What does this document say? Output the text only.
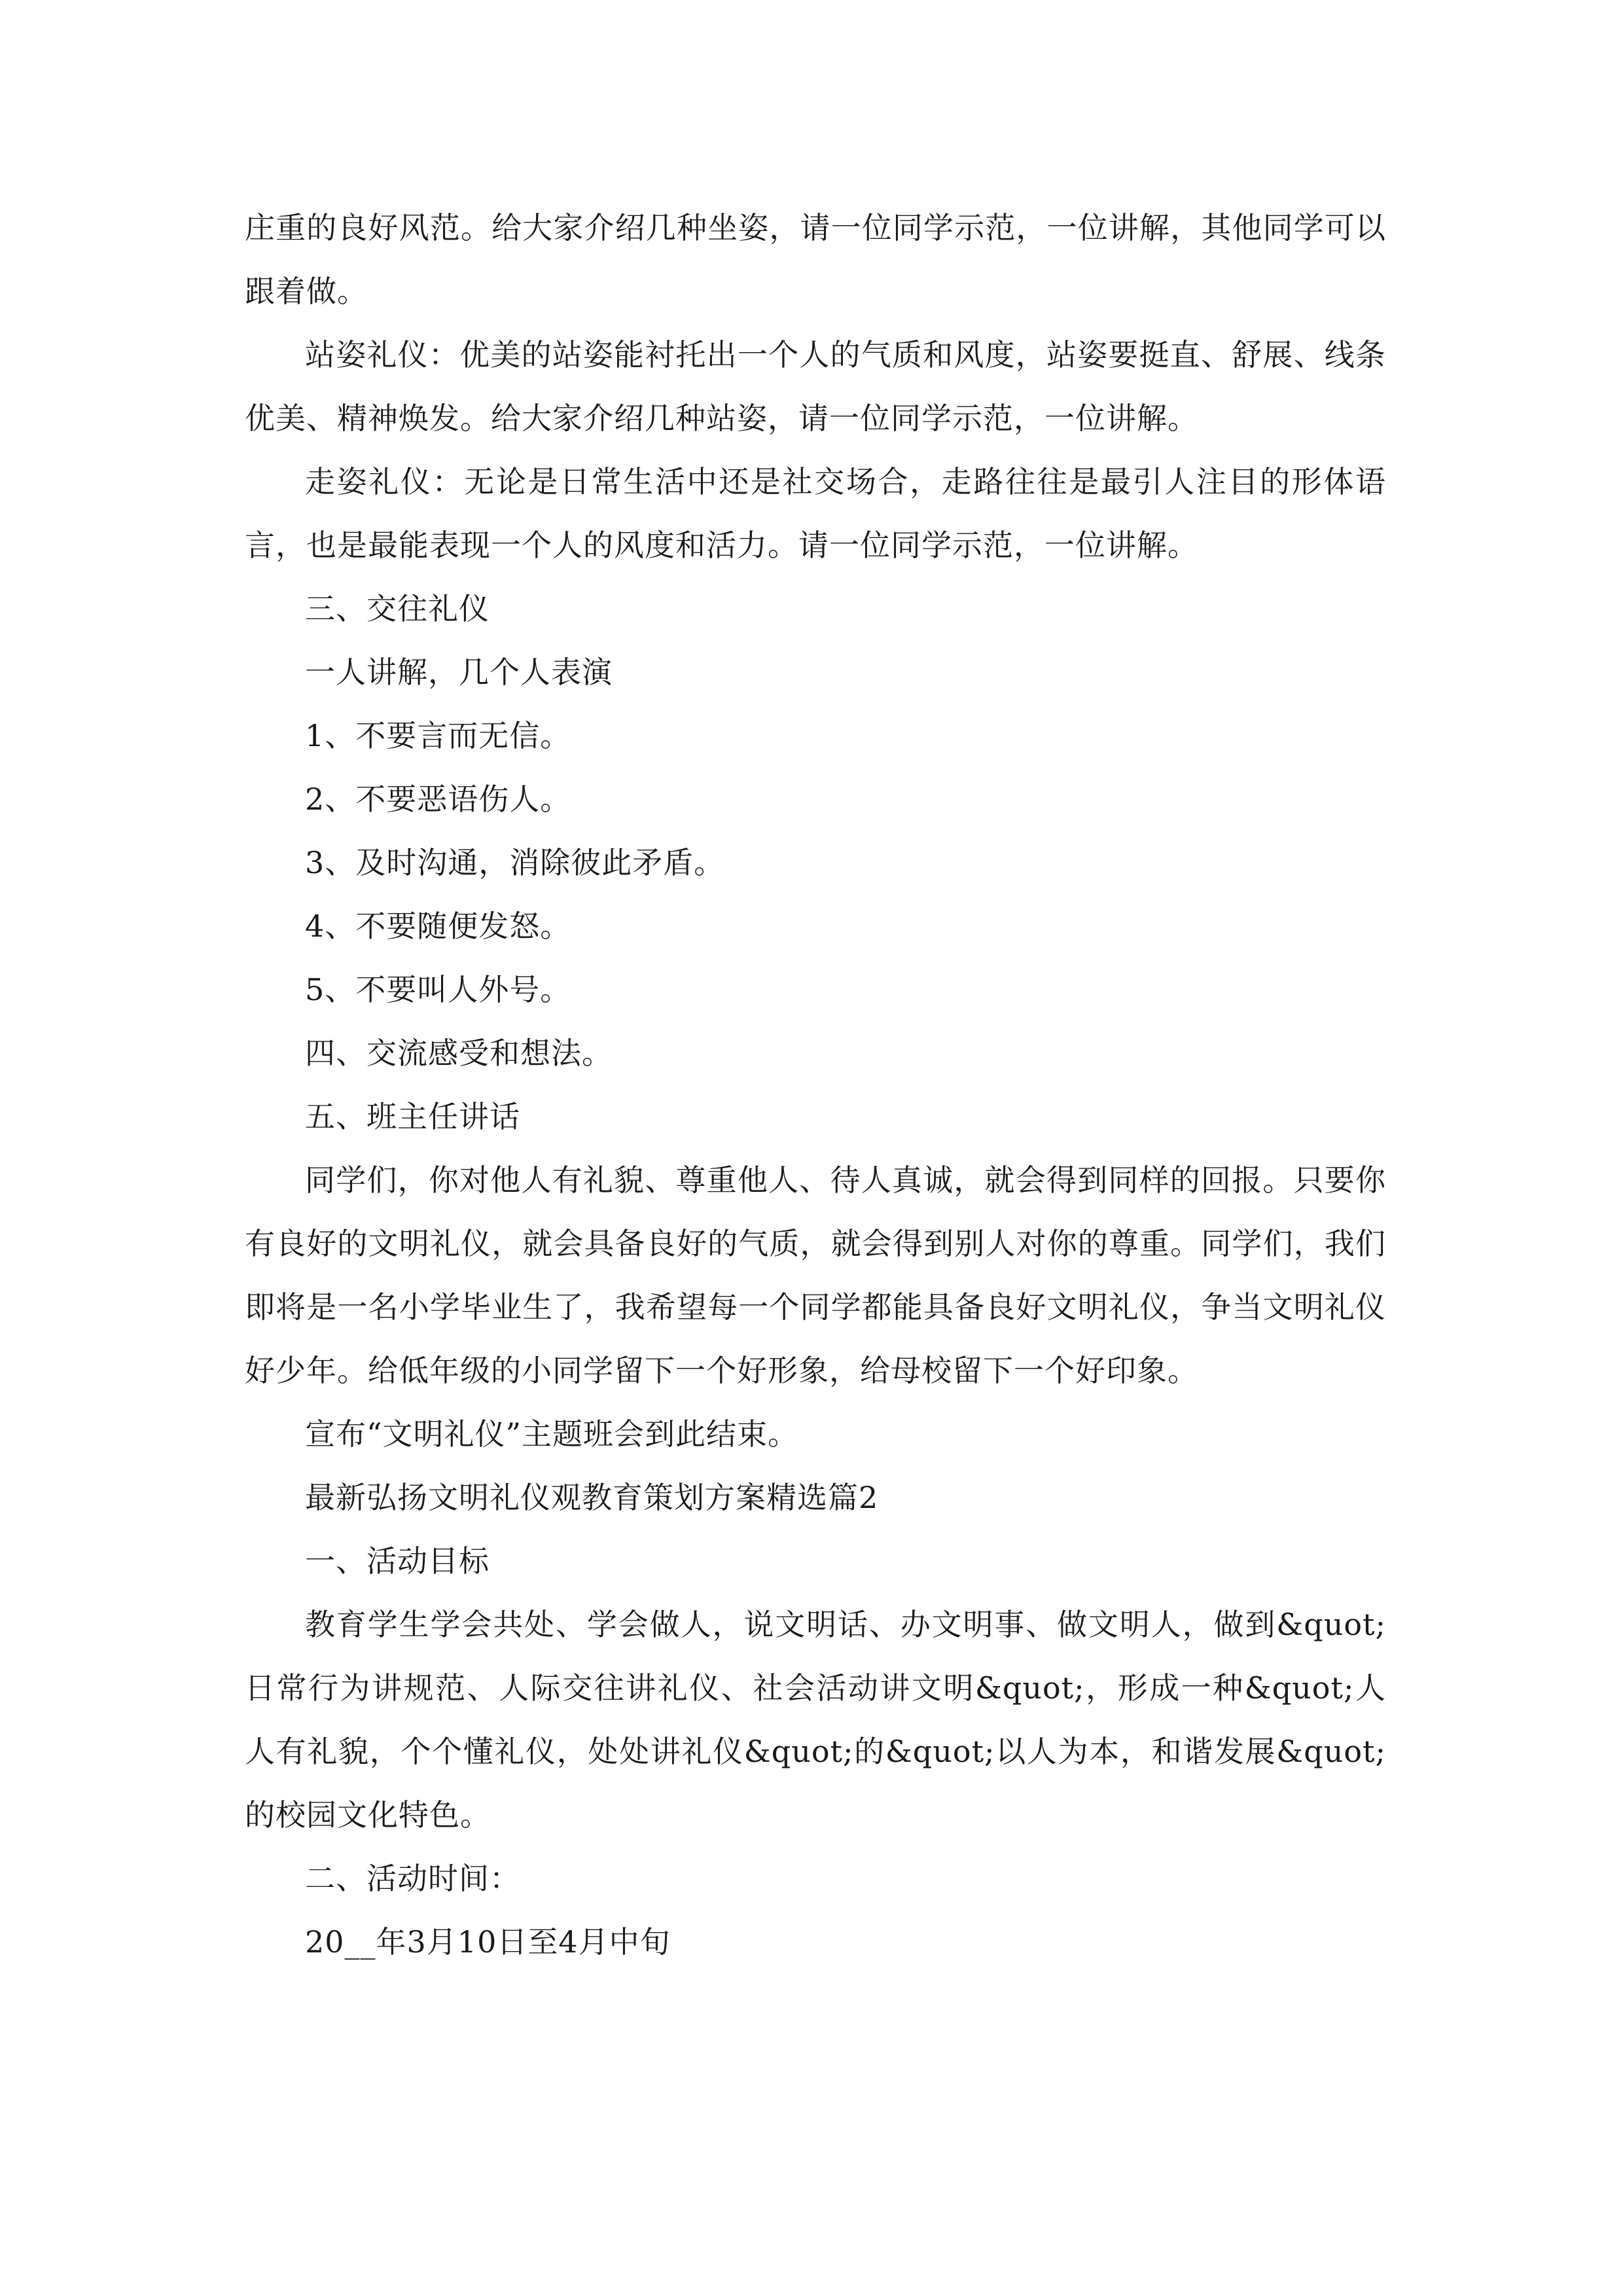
庄重的良好风范。给大家介绍几种坐姿，请一位同学示范，一位讲解，其他同学可以跟着做。

站姿礼仪：优美的站姿能衬托出一个人的气质和风度，站姿要挺直、舒展、线条优美、精神焕发。给大家介绍几种站姿，请一位同学示范，一位讲解。

走姿礼仪：无论是日常生活中还是社交场合，走路往往是最引人注目的形体语言，也是最能表现一个人的风度和活力。请一位同学示范，一位讲解。

三、交往礼仪

一人讲解，几个人表演

1、不要言而无信。

2、不要恶语伤人。

3、及时沟通，消除彼此矛盾。

4、不要随便发怒。

5、不要叫人外号。

四、交流感受和想法。

五、班主任讲话

同学们，你对他人有礼貌、尊重他人、待人真诚，就会得到同样的回报。只要你有良好的文明礼仪，就会具备良好的气质，就会得到别人对你的尊重。同学们，我们即将是一名小学毕业生了，我希望每一个同学都能具备良好文明礼仪，争当文明礼仪好少年。给低年级的小同学留下一个好形象，给母校留下一个好印象。

宣布“文明礼仪”主题班会到此结束。

最新弘扬文明礼仪观教育策划方案精选篇2

一、活动目标

教育学生学会共处、学会做人，说文明话、办文明事、做文明人，做到&quot;日常行为讲规范、人际交往讲礼仪、社会活动讲文明&quot;，形成一种&quot;人人有礼貌，个个懂礼仪，处处讲礼仪&quot;的&quot;以人为本，和谐发展&quot;的校园文化特色。

二、活动时间：

20__年3月10日至4月中旬
